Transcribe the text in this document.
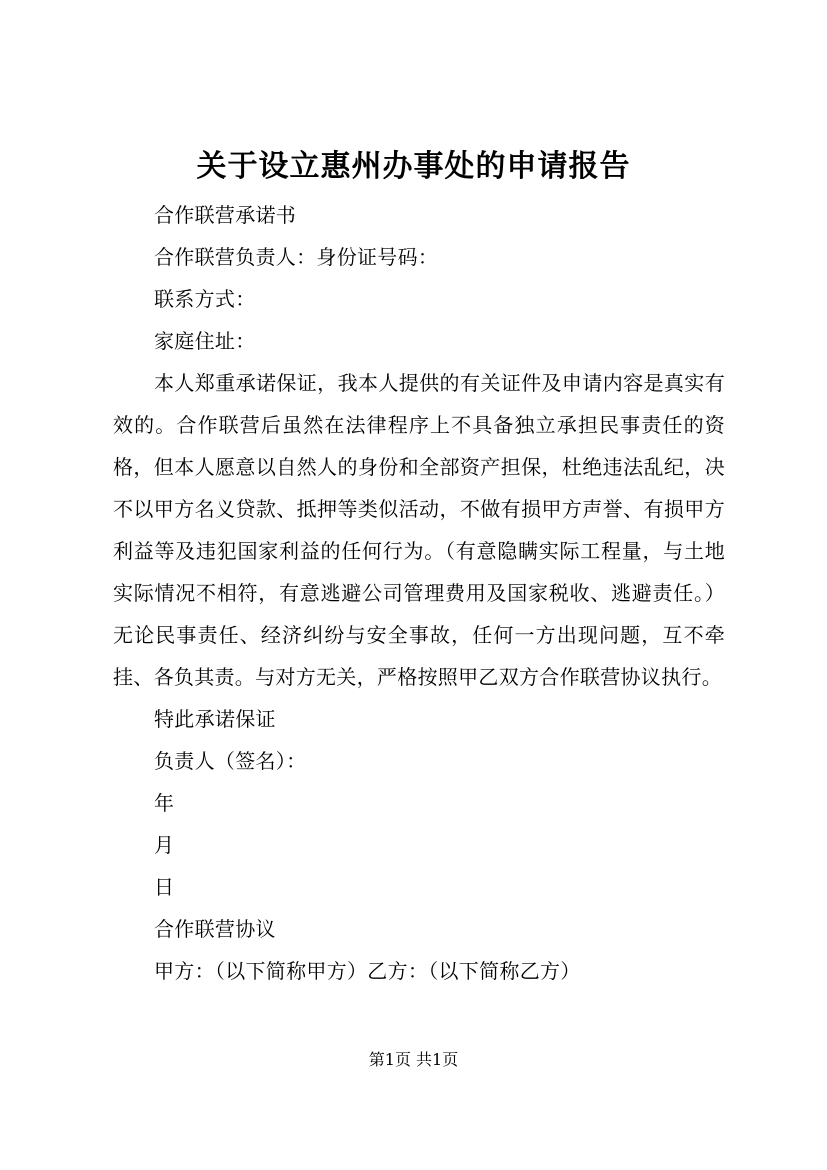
关于设立惠州办事处的申请报告

合作联营承诺书

合作联营负责人：身份证号码：

联系方式：

家庭住址：

本人郑重承诺保证，我本人提供的有关证件及申请内容是真实有效的。合作联营后虽然在法律程序上不具备独立承担民事责任的资格，但本人愿意以自然人的身份和全部资产担保，杜绝违法乱纪，决不以甲方名义贷款、抵押等类似活动，不做有损甲方声誉、有损甲方利益等及违犯国家利益的任何行为。（有意隐瞒实际工程量，与土地实际情况不相符，有意逃避公司管理费用及国家税收、逃避责任。）无论民事责任、经济纠纷与安全事故，任何一方出现问题，互不牵挂、各负其责。与对方无关，严格按照甲乙双方合作联营协议执行。

特此承诺保证

负责人（签名）：

年

月

日

合作联营协议

甲方：（以下简称甲方）乙方：（以下简称乙方）

第1页 共1页
